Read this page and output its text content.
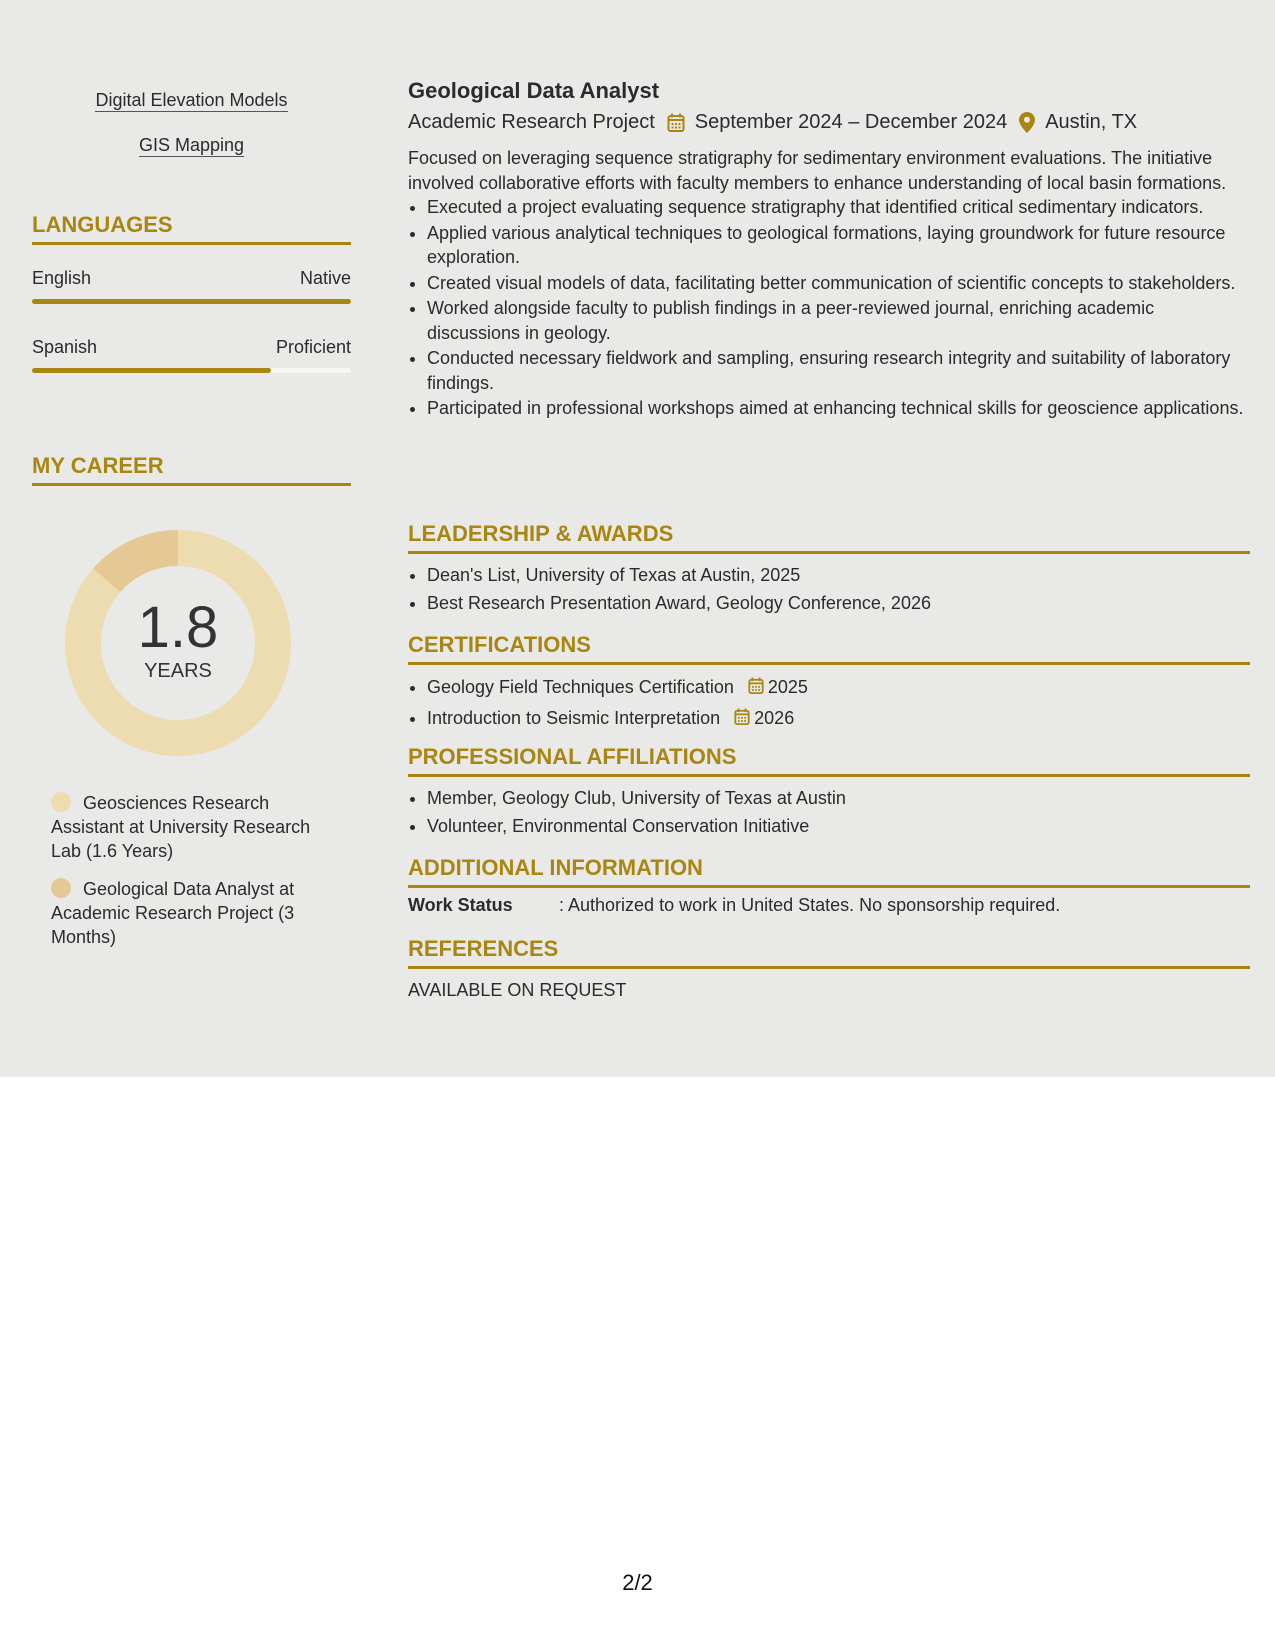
Digital Elevation Models
GIS Mapping
LANGUAGES
English	Native
Spanish	Proficient
MY CAREER
1.8
YEARS
Geosciences Research Assistant at University Research Lab (1.6 Years)
Geological Data Analyst at Academic Research Project (3 Months)
Geological Data Analyst
Academic Research Project September 2024 – December 2024 Austin, TX
Focused on leveraging sequence stratigraphy for sedimentary environment evaluations. The initiative involved collaborative efforts with faculty members to enhance understanding of local basin formations.
• Executed a project evaluating sequence stratigraphy that identified critical sedimentary indicators.
• Applied various analytical techniques to geological formations, laying groundwork for future resource exploration.
• Created visual models of data, facilitating better communication of scientific concepts to stakeholders.
• Worked alongside faculty to publish findings in a peer-reviewed journal, enriching academic discussions in geology.
• Conducted necessary fieldwork and sampling, ensuring research integrity and suitability of laboratory findings.
• Participated in professional workshops aimed at enhancing technical skills for geoscience applications.
LEADERSHIP & AWARDS
• Dean's List, University of Texas at Austin, 2025
• Best Research Presentation Award, Geology Conference, 2026
CERTIFICATIONS
• Geology Field Techniques Certification 2025
• Introduction to Seismic Interpretation 2026
PROFESSIONAL AFFILIATIONS
• Member, Geology Club, University of Texas at Austin
• Volunteer, Environmental Conservation Initiative
ADDITIONAL INFORMATION
Work Status	: Authorized to work in United States. No sponsorship required.
REFERENCES
AVAILABLE ON REQUEST
2/2
